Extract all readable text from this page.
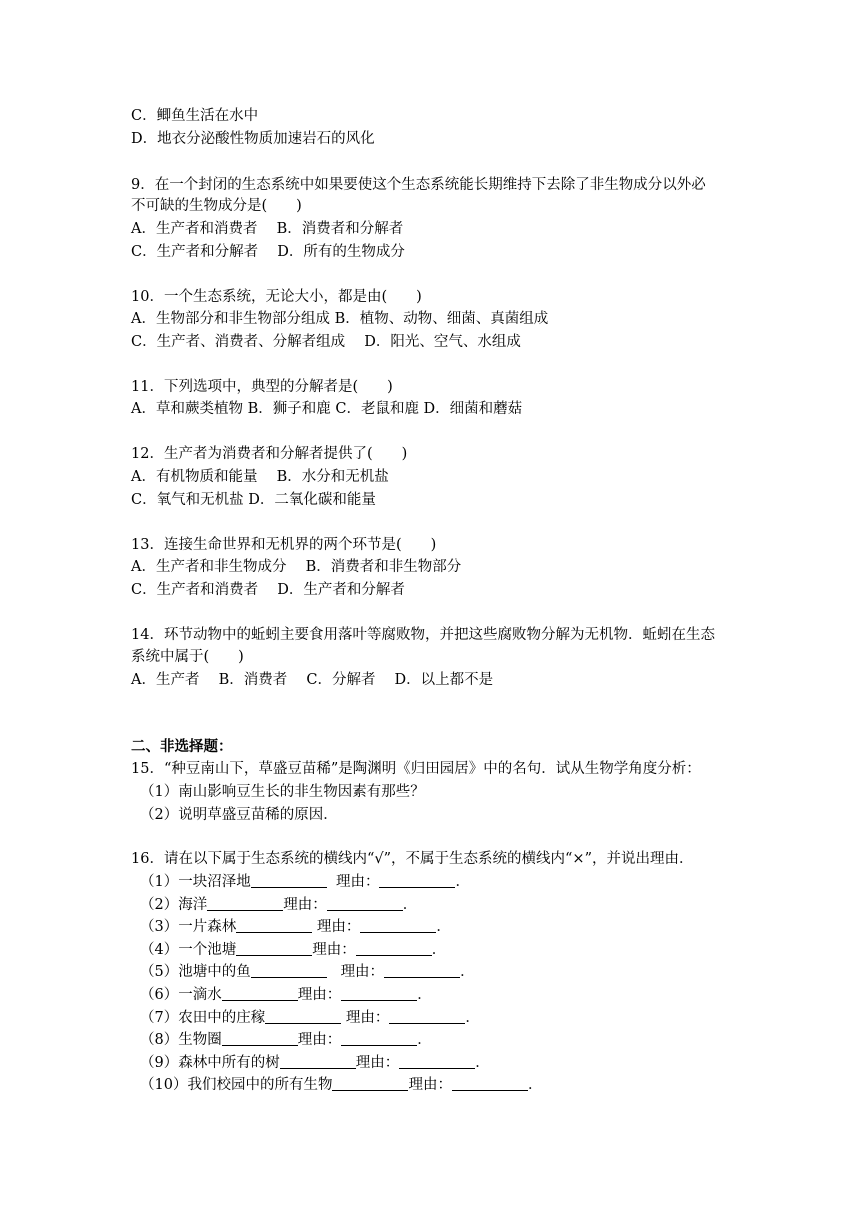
C．鲫鱼生活在水中
D．地衣分泌酸性物质加速岩石的风化
9．在一个封闭的生态系统中如果要使这个生态系统能长期维持下去除了非生物成分以外必
不可缺的生物成分是(　　)
A．生产者和消费者　 B．消费者和分解者
C．生产者和分解者　 D．所有的生物成分
10．一个生态系统，无论大小，都是由(　　)
A．生物部分和非生物部分组成 B．植物、动物、细菌、真菌组成
C．生产者、消费者、分解者组成　 D．阳光、空气、水组成
11．下列选项中，典型的分解者是(　　)
A．草和蕨类植物 B．狮子和鹿 C．老鼠和鹿 D．细菌和蘑菇
12．生产者为消费者和分解者提供了(　　)
A．有机物质和能量　 B．水分和无机盐
C．氧气和无机盐 D．二氧化碳和能量
13．连接生命世界和无机界的两个环节是(　　)
A．生产者和非生物成分　 B．消费者和非生物部分
C．生产者和消费者　 D．生产者和分解者
14．环节动物中的蚯蚓主要食用落叶等腐败物，并把这些腐败物分解为无机物．蚯蚓在生态
系统中属于(　　)
A．生产者　 B．消费者　 C．分解者　 D．以上都不是
二、非选择题：
15．“种豆南山下，草盛豆苗稀”是陶渊明《归田园居》中的名句．试从生物学角度分析：
（1）南山影响豆生长的非生物因素有那些？
（2）说明草盛豆苗稀的原因．
16．请在以下属于生态系统的横线内“√”，不属于生态系统的横线内“×”，并说出理由．
（1）一块沼泽地	理由：	．
（2）海洋	理由：	．
（3）一片森林	理由：	．
（4）一个池塘	理由：	．
（5）池塘中的鱼	理由：	．
（6）一滴水	理由：	．
（7）农田中的庄稼	理由：	．
（8）生物圈	理由：	．
（9）森林中所有的树	理由：	．
（10）我们校园中的所有生物	理由：	．
